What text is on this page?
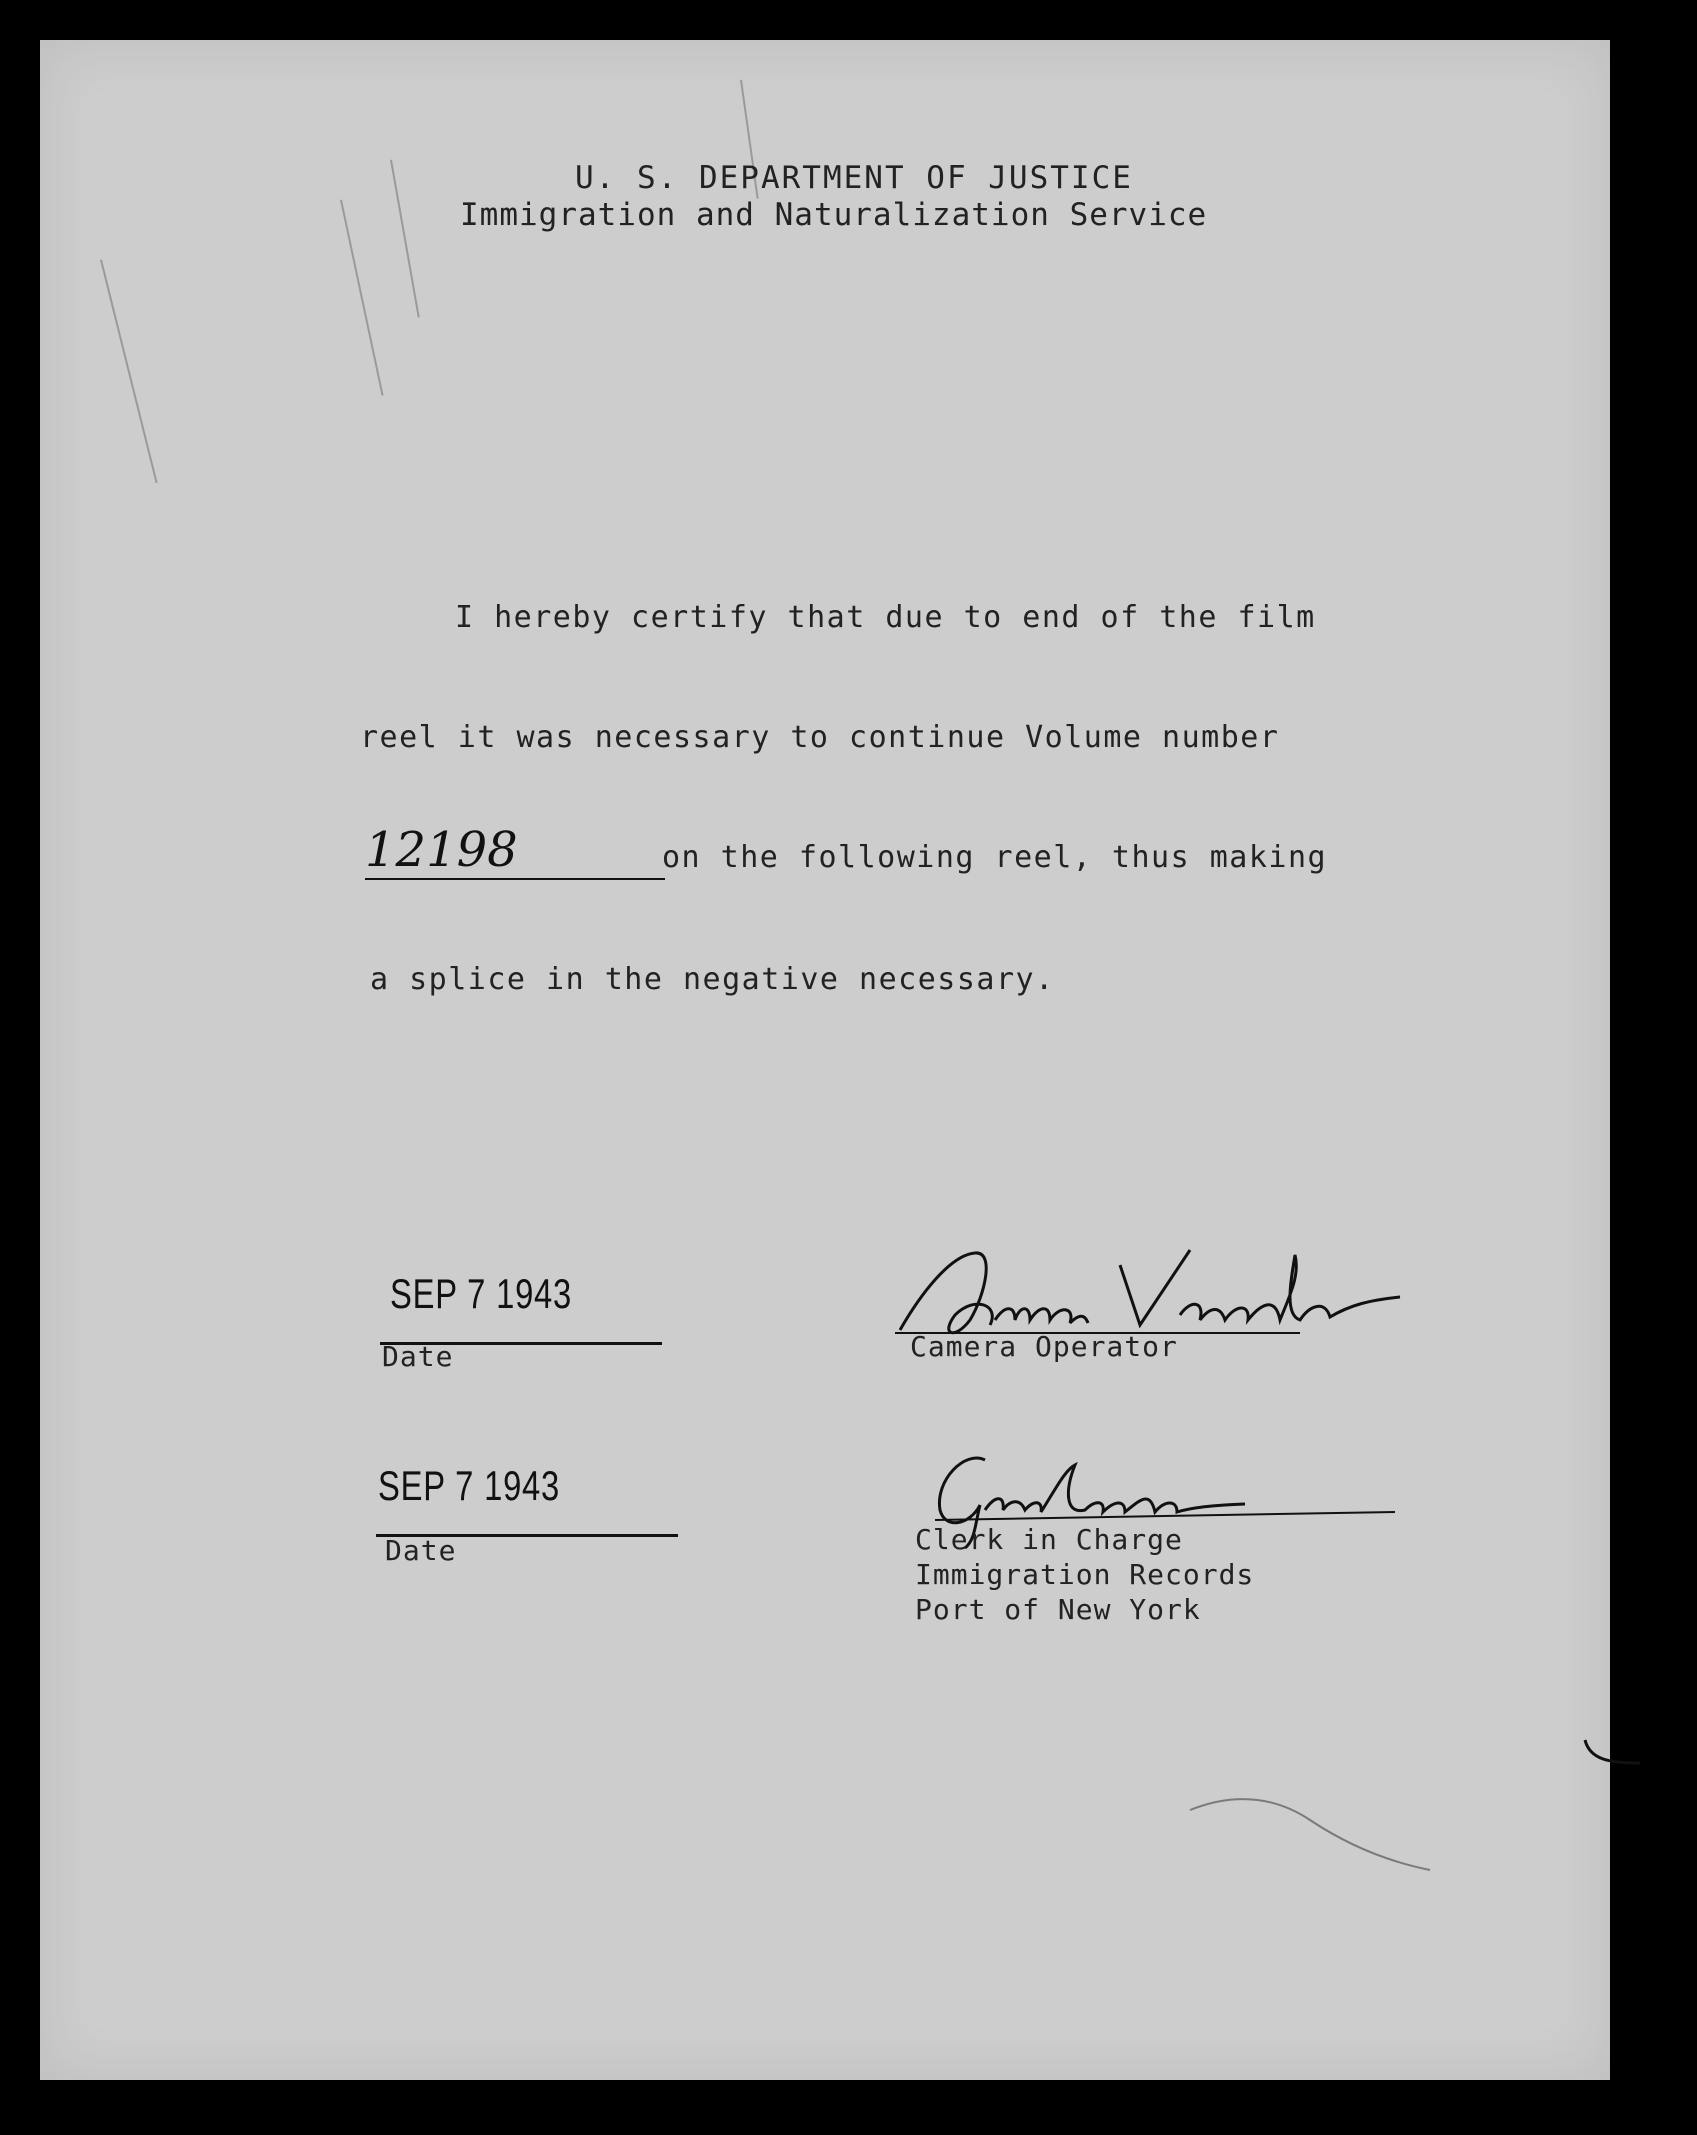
U. S. DEPARTMENT OF JUSTICE
Immigration and Naturalization Service
I hereby certify that due to end of the film
reel it was necessary to continue Volume number
12198	on the following reel, thus making
a splice in the negative necessary.
SEP 7 1943
Date	Camera Operator
SEP 7 1943
Date	Clerk in Charge
Immigration Records
Port of New York
